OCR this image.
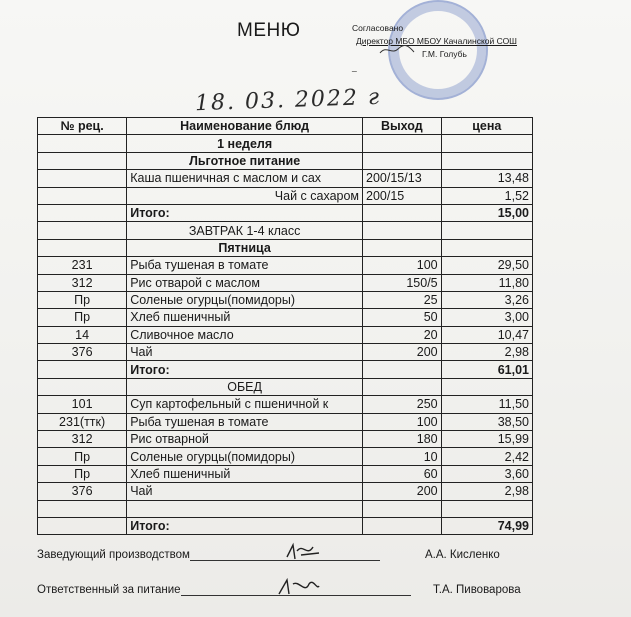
МЕНЮ	Согласовано
Директор МБО МБОУ Качалинской СОШ
Г.М. Голубь
_
18. 03. 2022 г
№ рец.	Наименование блюд	Выход	цена
	1 неделя		
	Льготное питание		
	Каша пшеничная с маслом и сах	200/15/13	13,48
	Чай с сахаром	200/15	1,52
	Итого:		15,00
	ЗАВТРАК 1-4 класс		
	Пятница		
231	Рыба тушеная в томате	100	29,50
312	Рис отварой с маслом	150/5	11,80
Пр	Соленые огурцы(помидоры)	25	3,26
Пр	Хлеб пшеничный	50	3,00
14	Сливочное масло	20	10,47
376	Чай	200	2,98
	Итого:		61,01
	ОБЕД		
101	Суп картофельный с пшеничной к	250	11,50
231(ттк)	Рыба тушеная в томате	100	38,50
312	Рис отварной	180	15,99
Пр	Соленые огурцы(помидоры)	10	2,42
Пр	Хлеб пшеничный	60	3,60
376	Чай	200	2,98

	Итого:		74,99
Заведующий производством	А.А. Кисленко
Ответственный за питание	Т.А. Пивоварова
